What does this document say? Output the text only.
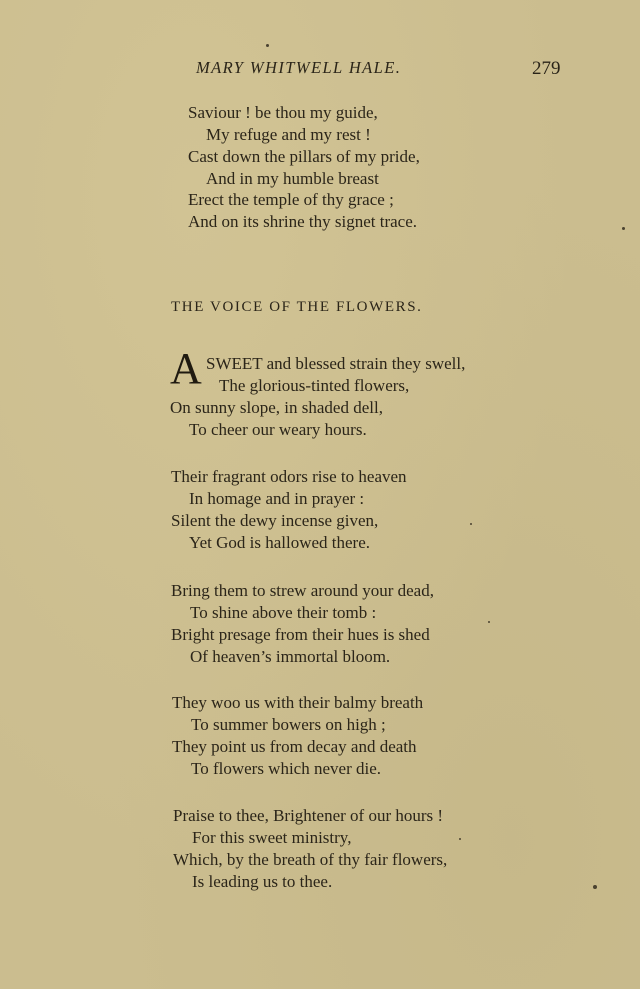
MARY WHITWELL HALE.	279
Saviour ! be thou my guide,
My refuge and my rest !
Cast down the pillars of my pride,
And in my humble breast
Erect the temple of thy grace ;
And on its shrine thy signet trace.
THE VOICE OF THE FLOWERS.
A SWEET and blessed strain they swell,
The glorious-tinted flowers,
On sunny slope, in shaded dell,
To cheer our weary hours.
Their fragrant odors rise to heaven
In homage and in prayer :
Silent the dewy incense given,
Yet God is hallowed there.
Bring them to strew around your dead,
To shine above their tomb :
Bright presage from their hues is shed
Of heaven’s immortal bloom.
They woo us with their balmy breath
To summer bowers on high ;
They point us from decay and death
To flowers which never die.
Praise to thee, Brightener of our hours !
For this sweet ministry,
Which, by the breath of thy fair flowers,
Is leading us to thee.
